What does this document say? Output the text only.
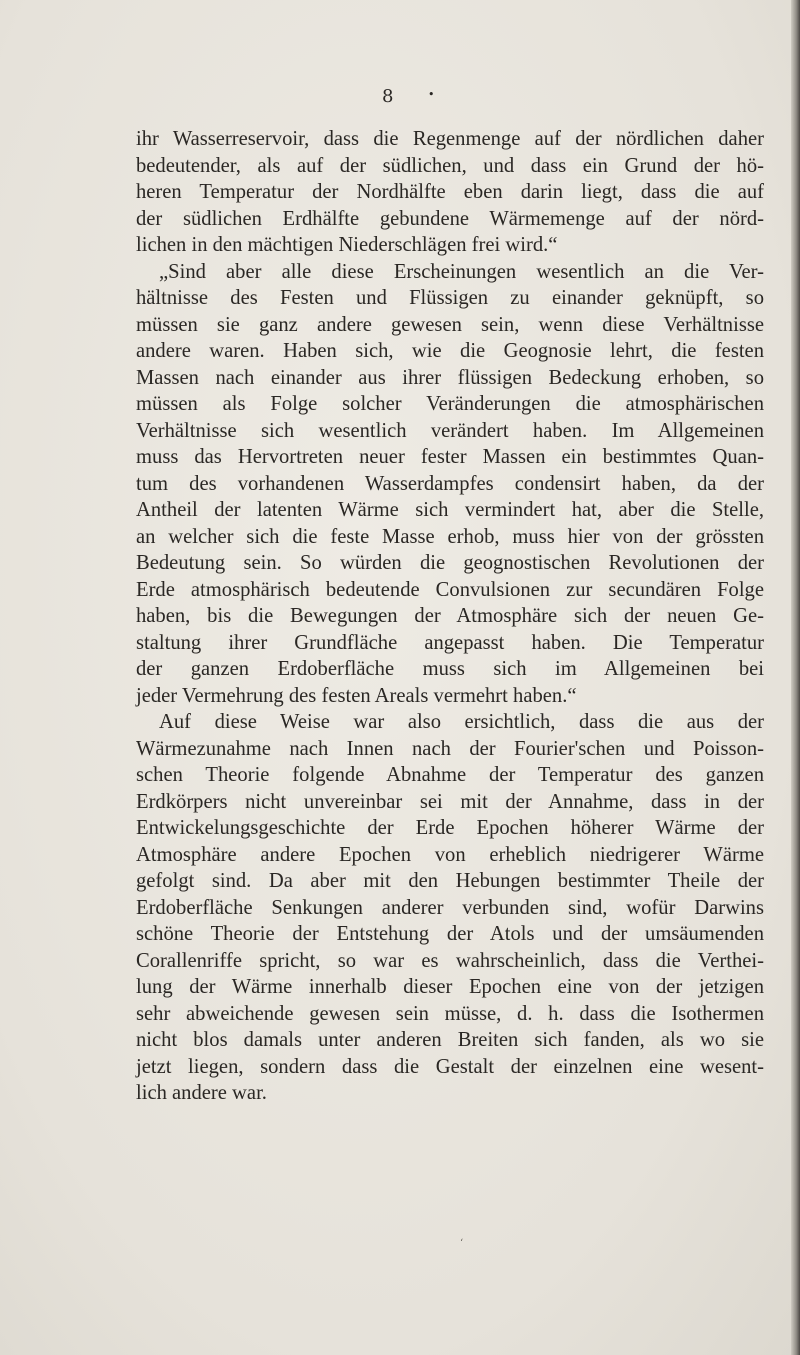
8	•
ihr Wasserreservoir, dass die Regenmenge auf der nördlichen daher
bedeutender, als auf der südlichen, und dass ein Grund der hö-
heren Temperatur der Nordhälfte eben darin liegt, dass die auf
der südlichen Erdhälfte gebundene Wärmemenge auf der nörd-
lichen in den mächtigen Niederschlägen frei wird.“
„Sind aber alle diese Erscheinungen wesentlich an die Ver-
hältnisse des Festen und Flüssigen zu einander geknüpft, so
müssen sie ganz andere gewesen sein, wenn diese Verhältnisse
andere waren. Haben sich, wie die Geognosie lehrt, die festen
Massen nach einander aus ihrer flüssigen Bedeckung erhoben, so
müssen als Folge solcher Veränderungen die atmosphärischen
Verhältnisse sich wesentlich verändert haben. Im Allgemeinen
muss das Hervortreten neuer fester Massen ein bestimmtes Quan-
tum des vorhandenen Wasserdampfes condensirt haben, da der
Antheil der latenten Wärme sich vermindert hat, aber die Stelle,
an welcher sich die feste Masse erhob, muss hier von der grössten
Bedeutung sein. So würden die geognostischen Revolutionen der
Erde atmosphärisch bedeutende Convulsionen zur secundären Folge
haben, bis die Bewegungen der Atmosphäre sich der neuen Ge-
staltung ihrer Grundfläche angepasst haben. Die Temperatur
der ganzen Erdoberfläche muss sich im Allgemeinen bei
jeder Vermehrung des festen Areals vermehrt haben.“
Auf diese Weise war also ersichtlich, dass die aus der
Wärmezunahme nach Innen nach der Fourier'schen und Poisson-
schen Theorie folgende Abnahme der Temperatur des ganzen
Erdkörpers nicht unvereinbar sei mit der Annahme, dass in der
Entwickelungsgeschichte der Erde Epochen höherer Wärme der
Atmosphäre andere Epochen von erheblich niedrigerer Wärme
gefolgt sind. Da aber mit den Hebungen bestimmter Theile der
Erdoberfläche Senkungen anderer verbunden sind, wofür Darwins
schöne Theorie der Entstehung der Atols und der umsäumenden
Corallenriffe spricht, so war es wahrscheinlich, dass die Verthei-
lung der Wärme innerhalb dieser Epochen eine von der jetzigen
sehr abweichende gewesen sein müsse, d. h. dass die Isothermen
nicht blos damals unter anderen Breiten sich fanden, als wo sie
jetzt liegen, sondern dass die Gestalt der einzelnen eine wesent-
lich andere war.
ʻ
